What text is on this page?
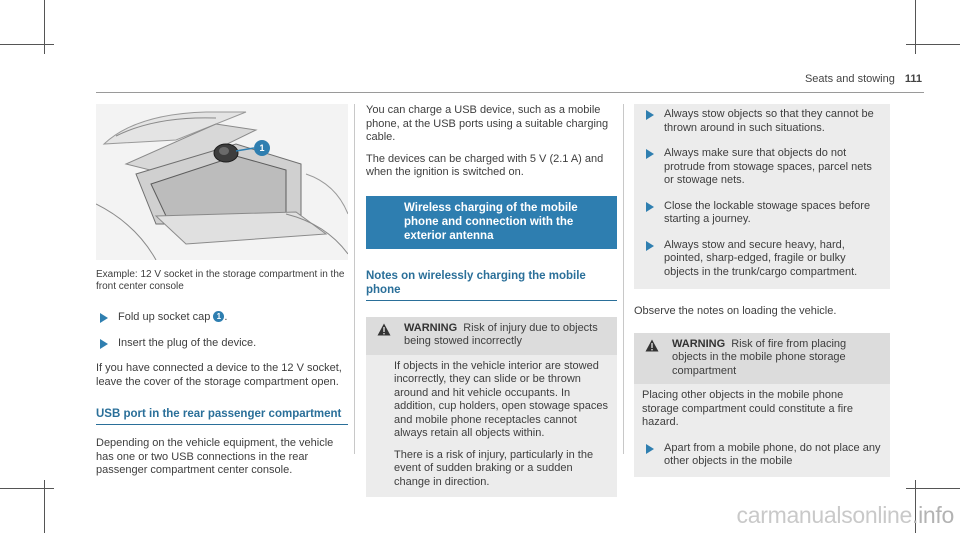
Seats and stowing 111
1
Example: 12 V socket in the storage compartment in the front center console
Fold up socket cap 1 .
Insert the plug of the device.
If you have connected a device to the 12 V socket, leave the cover of the storage compartment open.
USB port in the rear passenger compartment
Depending on the vehicle equipment, the vehicle has one or two USB connections in the rear passenger compartment center console.
You can charge a USB device, such as a mobile phone, at the USB ports using a suitable charging cable.
The devices can be charged with 5 V (2.1 A) and when the ignition is switched on.
Wireless charging of the mobile phone and connection with the exterior antenna
Notes on wirelessly charging the mobile phone
WARNING Risk of injury due to objects being stowed incorrectly
If objects in the vehicle interior are stowed incorrectly, they can slide or be thrown around and hit vehicle occupants. In addition, cup holders, open stowage spaces and mobile phone receptacles cannot always retain all objects within.
There is a risk of injury, particularly in the event of sudden braking or a sudden change in direction.
Always stow objects so that they cannot be thrown around in such situations.
Always make sure that objects do not protrude from stowage spaces, parcel nets or stowage nets.
Close the lockable stowage spaces before starting a journey.
Always stow and secure heavy, hard, pointed, sharp-edged, fragile or bulky objects in the trunk/cargo compartment.
Observe the notes on loading the vehicle.
WARNING Risk of fire from placing objects in the mobile phone storage compartment
Placing other objects in the mobile phone storage compartment could constitute a fire hazard.
Apart from a mobile phone, do not place any other objects in the mobile
carmanualsonline.info
